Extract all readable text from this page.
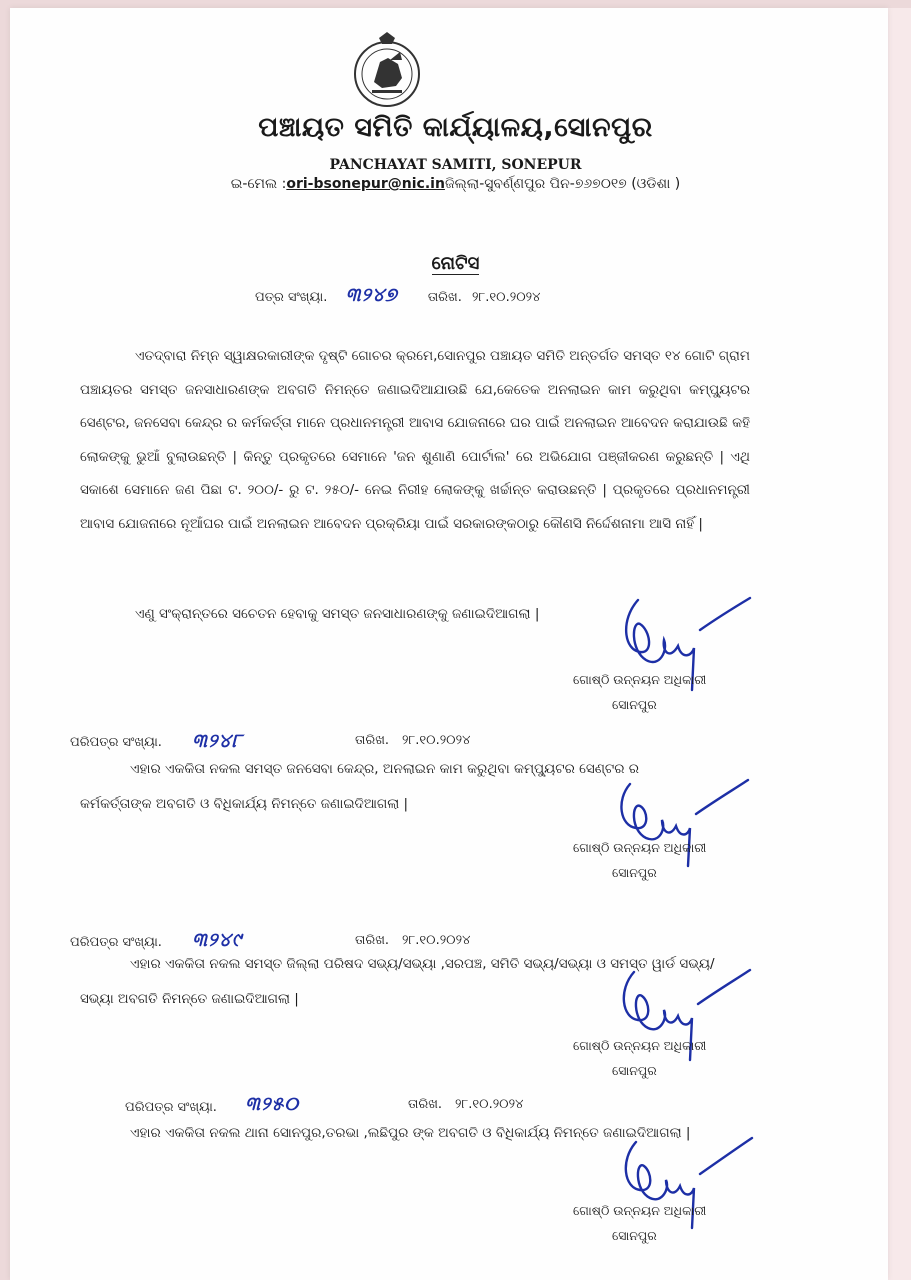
ପଞ୍ଚାୟତ ସମିତି କାର୍ଯ୍ୟାଳୟ,ସୋନପୁର
PANCHAYAT SAMITI, SONEPUR
ଇ-ମେଲ :ori-bsonepur@nic.inଜିଲ୍ଲା-ସୁବର୍ଣ୍ଣପୁର ପିନ-୭୬୭୦୧୭ (ଓଡିଶା )
ନୋଟିସ
ପତ୍ର ସଂଖ୍ୟା. ୩୨୪୭ ତାରିଖ. ୨୮.୧୦.୨୦୨୪
ଏତଦ୍ବାରା ନିମ୍ନ ସ୍ୱାକ୍ଷରକାରୀଙ୍କ ଦୃଷ୍ଟି ଗୋଚର କ୍ରମେ,ସୋନପୁର ପଞ୍ଚାୟତ ସମିତି ଅନ୍ତର୍ଗତ ସମସ୍ତ ୧୪ ଗୋଟି ଗ୍ରାମ ପଞ୍ଚାୟତର ସମସ୍ତ ଜନସାଧାରଣଙ୍କ ଅବଗତି ନିମନ୍ତେ ଜଣାଇଦିଆଯାଉଛି ଯେ,କେତେକ ଅନଲାଇନ କାମ କରୁଥିବା କମ୍ପ୍ୟୁଟର ସେଣ୍ଟର, ଜନସେବା କେନ୍ଦ୍ର ର କର୍ମକର୍ତ୍ତା ମାନେ ପ୍ରଧାନମନ୍ତ୍ରୀ ଆବାସ ଯୋଜନାରେ ଘର ପାଇଁ ଅନଲାଇନ ଆବେଦନ କରାଯାଉଛି କହି ଲୋକଙ୍କୁ ଭୁଆଁ ବୁଲାଉଛନ୍ତି | କିନ୍ତୁ ପ୍ରକୃତରେ ସେମାନେ 'ଜନ ଶୁଣାଣି ପୋର୍ଟାଲ' ରେ ଅଭିଯୋଗ ପଞ୍ଜୀକରଣ କରୁଛନ୍ତି | ଏଥି ସକାଶେ ସେମାନେ ଜଣ ପିଛା ଟ. ୨୦୦/- ରୁ ଟ. ୨୫୦/- ନେଇ ନିରୀହ ଲୋକଙ୍କୁ ଖର୍ଚ୍ଚାନ୍ତ କରାଉଛନ୍ତି | ପ୍ରକୃତରେ ପ୍ରଧାନମନ୍ତ୍ରୀ ଆବାସ ଯୋଜନାରେ ନୂଆଁଘର ପାଇଁ ଅନଲାଇନ ଆବେଦନ ପ୍ରକ୍ରିୟା ପାଇଁ ସରକାରଙ୍କଠାରୁ କୌଣସି ନିର୍ଦ୍ଦେଶନାମା ଆସି ନାହିଁ |
ଏଣୁ ସଂକ୍ରାନ୍ତରେ ସଚେତନ ହେବାକୁ ସମସ୍ତ ଜନସାଧାରଣଙ୍କୁ ଜଣାଇଦିଆଗଲା |
ଗୋଷ୍ଠି ଉନ୍ନୟନ ଅଧିକାରୀ
ସୋନପୁର
ପରିପତ୍ର ସଂଖ୍ୟା. ୩୨୪୮	ତାରିଖ. ୨୮.୧୦.୨୦୨୪
ଏହାର ଏକକିତା ନକଲ ସମସ୍ତ ଜନସେବା କେନ୍ଦ୍ର, ଅନଲାଇନ କାମ କରୁଥିବା କମ୍ପ୍ୟୁଟର ସେଣ୍ଟର ର କର୍ମକର୍ତ୍ତାଙ୍କ ଅବଗତି ଓ ବିଧିକାର୍ଯ୍ୟ ନିମନ୍ତେ ଜଣାଇଦିଆଗଲା |
ଗୋଷ୍ଠି ଉନ୍ନୟନ ଅଧିକାରୀ
ସୋନପୁର
ପରିପତ୍ର ସଂଖ୍ୟା. ୩୨୪୯	ତାରିଖ. ୨୮.୧୦.୨୦୨୪
ଏହାର ଏକକିତା ନକଲ ସମସ୍ତ ଜିଲ୍ଲା ପରିଷଦ ସଭ୍ୟ/ସଭ୍ୟା ,ସରପଞ୍ଚ, ସମିତି ସଭ୍ୟ/ସଭ୍ୟା ଓ ସମସ୍ତ ୱାର୍ଡ ସଭ୍ୟ/ସଭ୍ୟା ଅବଗତି ନିମନ୍ତେ ଜଣାଇଦିଆଗଲା |
ଗୋଷ୍ଠି ଉନ୍ନୟନ ଅଧିକାରୀ
ସୋନପୁର
ପରିପତ୍ର ସଂଖ୍ୟା. ୩୨୫୦	ତାରିଖ. ୨୮.୧୦.୨୦୨୪
ଏହାର ଏକକିତା ନକଲ ଥାନା ସୋନପୁର,ତରଭା ,ଲଛିପୁର ଙ୍କ ଅବଗତି ଓ ବିଧିକାର୍ଯ୍ୟ ନିମନ୍ତେ ଜଣାଇଦିଆଗଲା |
ଗୋଷ୍ଠି ଉନ୍ନୟନ ଅଧିକାରୀ
ସୋନପୁର
